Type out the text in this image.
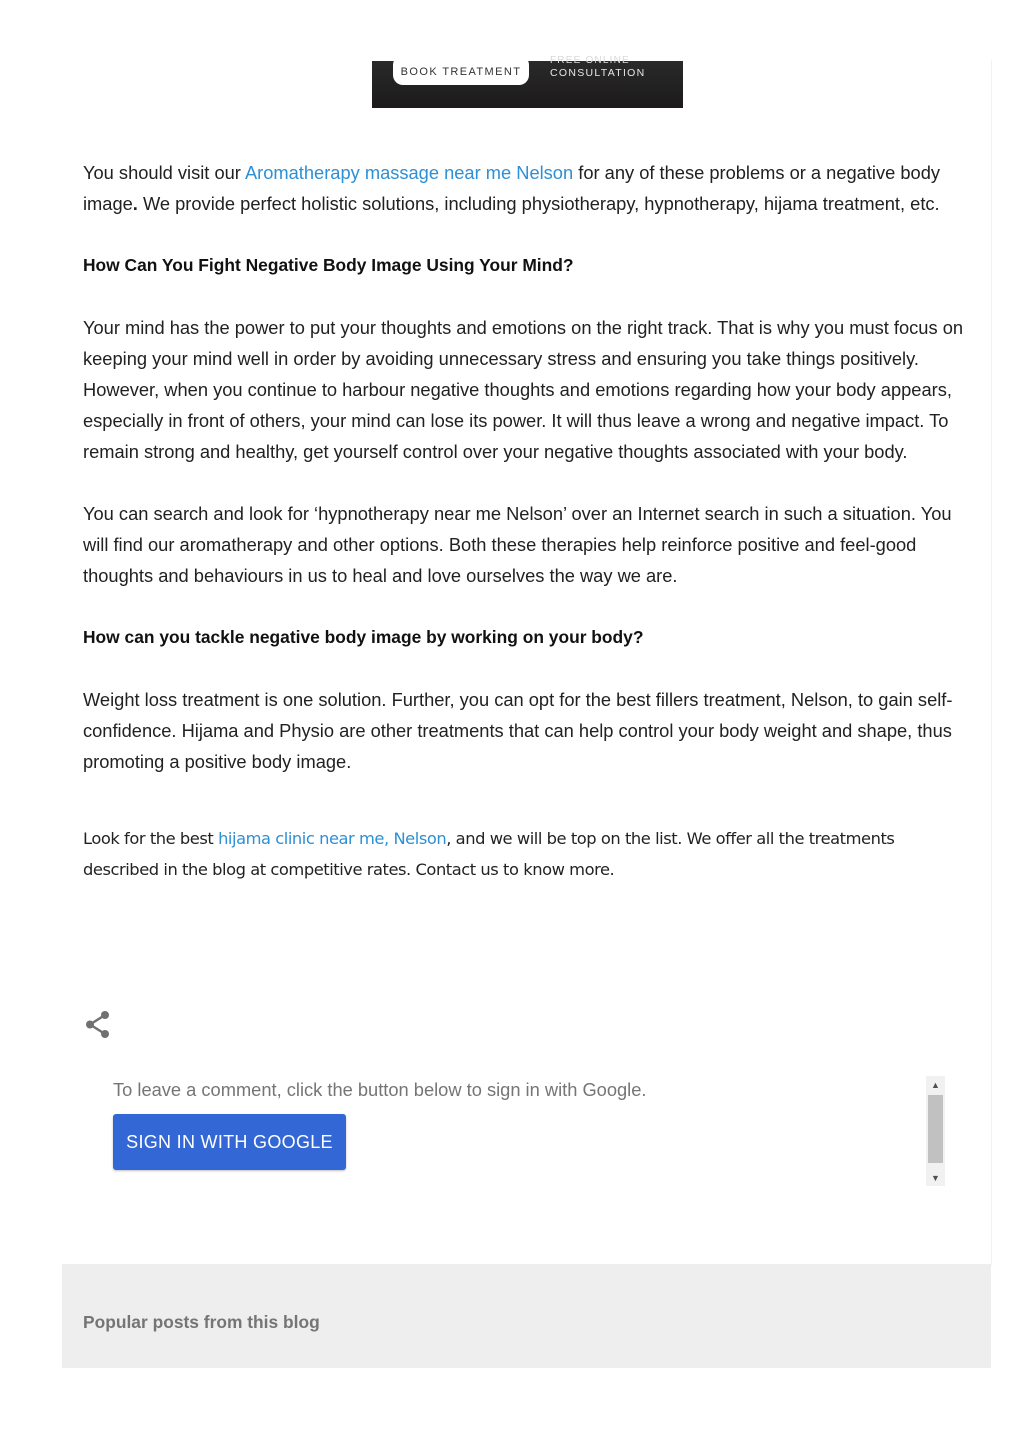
BOOK TREATMENT
FREE ONLINE
CONSULTATION

You should visit our Aromatherapy massage near me Nelson for any of these problems or a negative body image. We provide perfect holistic solutions, including physiotherapy, hypnotherapy, hijama treatment, etc.

How Can You Fight Negative Body Image Using Your Mind?

Your mind has the power to put your thoughts and emotions on the right track. That is why you must focus on keeping your mind well in order by avoiding unnecessary stress and ensuring you take things positively. However, when you continue to harbour negative thoughts and emotions regarding how your body appears, especially in front of others, your mind can lose its power. It will thus leave a wrong and negative impact. To remain strong and healthy, get yourself control over your negative thoughts associated with your body.

You can search and look for ‘hypnotherapy near me Nelson’ over an Internet search in such a situation. You will find our aromatherapy and other options. Both these therapies help reinforce positive and feel-good thoughts and behaviours in us to heal and love ourselves the way we are.

How can you tackle negative body image by working on your body?

Weight loss treatment is one solution. Further, you can opt for the best fillers treatment, Nelson, to gain self-confidence. Hijama and Physio are other treatments that can help control your body weight and shape, thus promoting a positive body image.

Look for the best hijama clinic near me, Nelson, and we will be top on the list. We offer all the treatments described in the blog at competitive rates. Contact us to know more.

To leave a comment, click the button below to sign in with Google.
SIGN IN WITH GOOGLE
▲
▼
Popular posts from this blog
